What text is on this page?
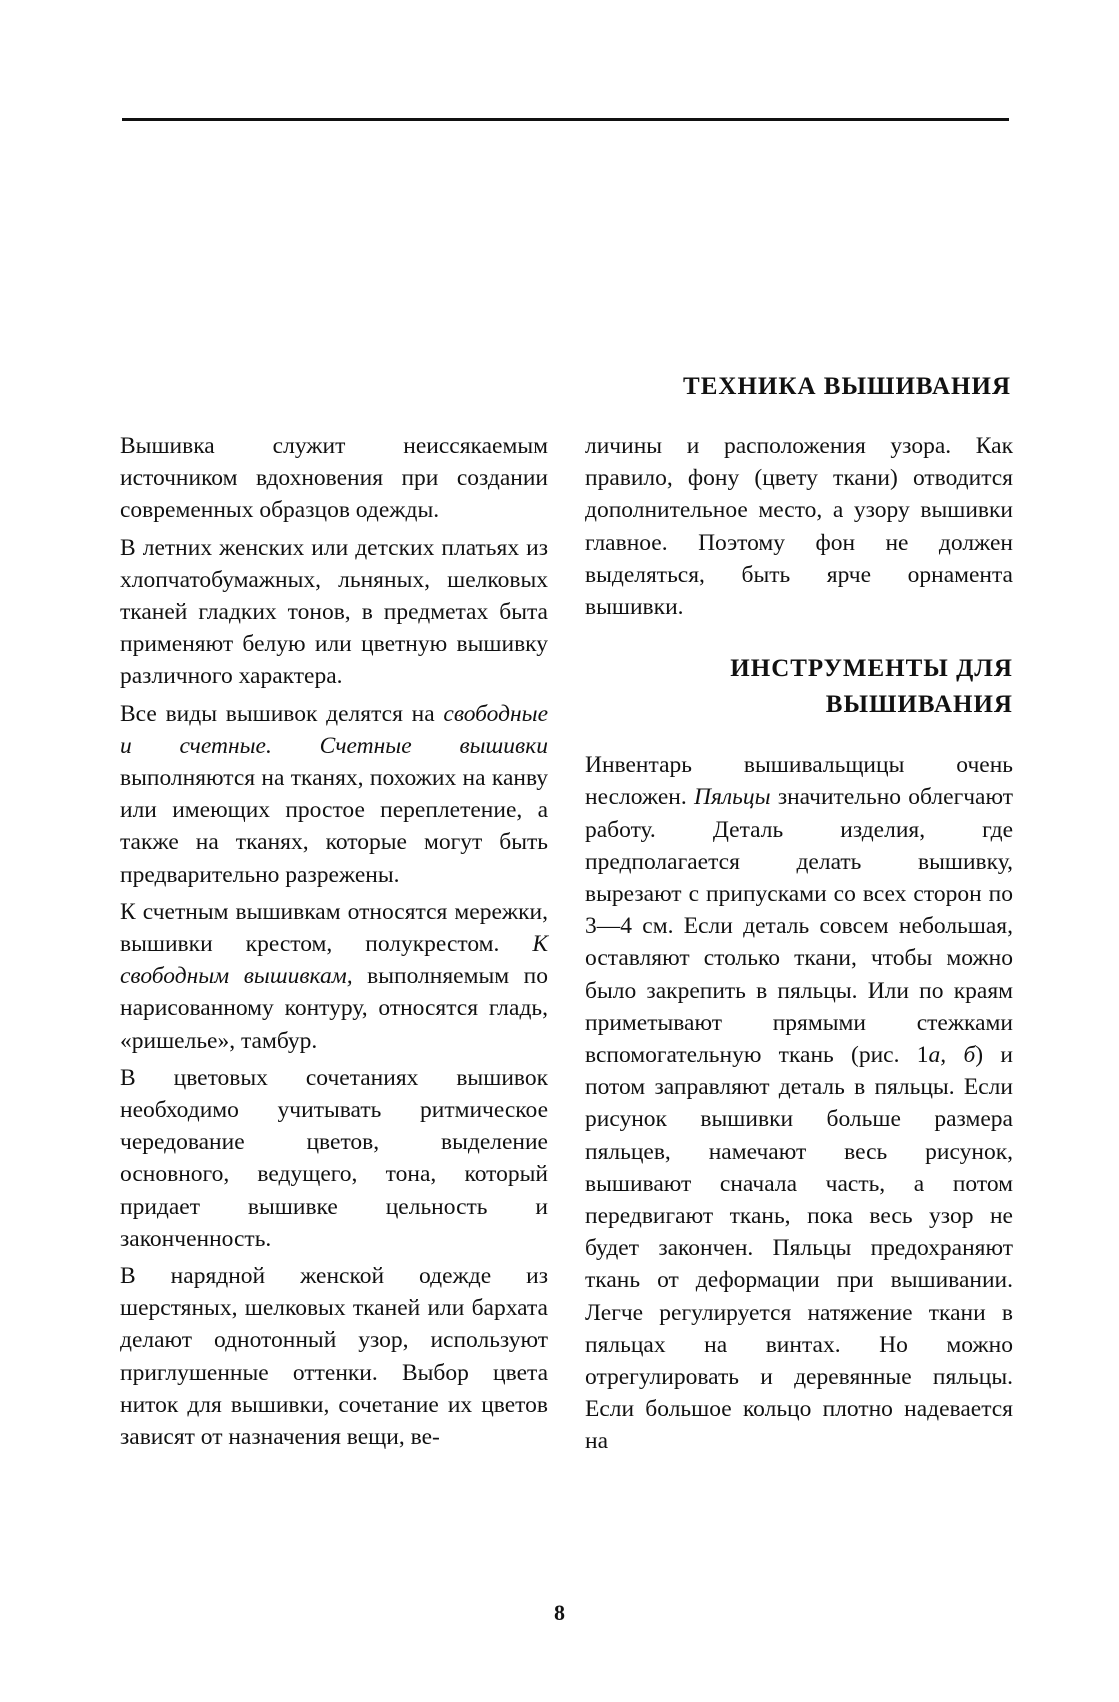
ТЕХНИКА ВЫШИВАНИЯ

Вышивка служит неиссякаемым источником вдохновения при создании современных образцов одежды.

В летних женских или детских платьях из хлопчатобумажных, льняных, шелковых тканей гладких тонов, в предметах быта применяют белую или цветную вышивку различного характера.

Все виды вышивок делятся на свободные и счетные. Счетные вышивки выполняются на тканях, похожих на канву или имеющих простое переплетение, а также на тканях, которые могут быть предварительно разрежены.

К счетным вышивкам относятся мережки, вышивки крестом, полукрестом. К свободным вышивкам, выполняемым по нарисованному контуру, относятся гладь, «ришелье», тамбур.

В цветовых сочетаниях вышивок необходимо учитывать ритмическое чередование цветов, выделение основного, ведущего, тона, который придает вышивке цельность и законченность.

В нарядной женской одежде из шерстяных, шелковых тканей или бархата делают однотонный узор, используют приглушенные оттенки. Выбор цвета ниток для вышивки, сочетание их цветов зависят от назначения вещи, ве-

личины и расположения узора. Как правило, фону (цвету ткани) отводится дополнительное место, а узору вышивки главное. Поэтому фон не должен выделяться, быть ярче орнамента вышивки.

ИНСТРУМЕНТЫ ДЛЯ
ВЫШИВАНИЯ

Инвентарь вышивальщицы очень несложен. Пяльцы значительно облегчают работу. Деталь изделия, где предполагается делать вышивку, вырезают с припусками со всех сторон по 3—4 см. Если деталь совсем небольшая, оставляют столько ткани, чтобы можно было закрепить в пяльцы. Или по краям приметывают прямыми стежками вспомогательную ткань (рис. 1а, б) и потом заправляют деталь в пяльцы. Если рисунок вышивки больше размера пяльцев, намечают весь рисунок, вышивают сначала часть, а потом передвигают ткань, пока весь узор не будет закончен. Пяльцы предохраняют ткань от деформации при вышивании. Легче регулируется натяжение ткани в пяльцах на винтах. Но можно отрегулировать и деревянные пяльцы. Если большое кольцо плотно надевается на

8
